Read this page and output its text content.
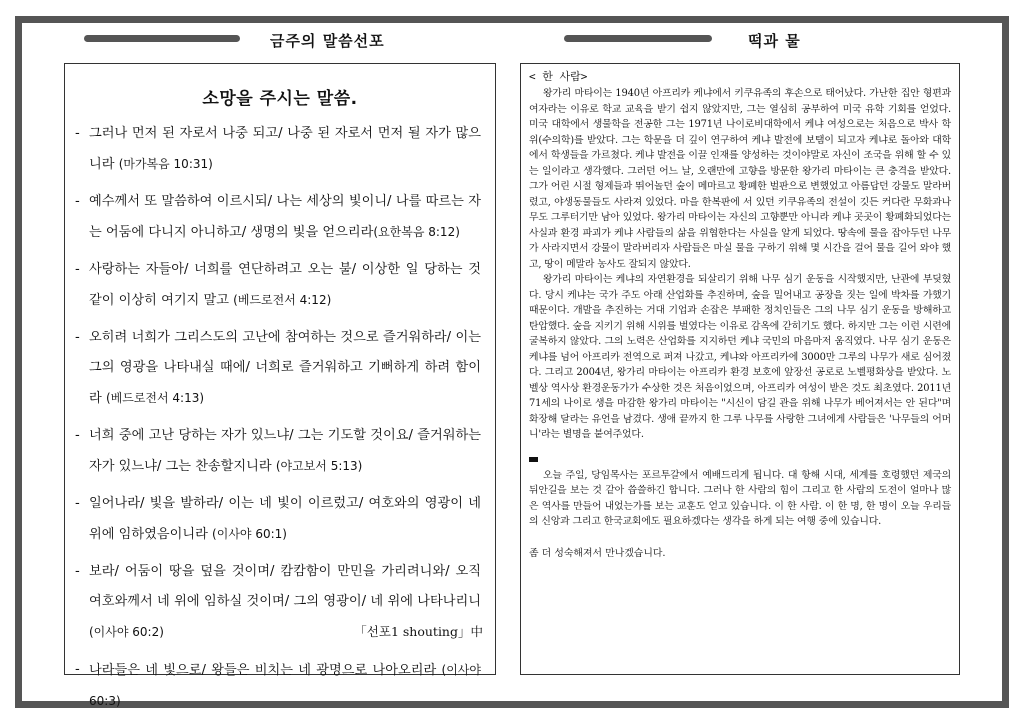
금주의 말씀선포	떡과 물
소망을 주시는 말씀.
- 그러나 먼저 된 자로서 나중 되고/ 나중 된 자로서 먼저 될 자가 많으니라 (마가복음 10:31)
- 예수께서 또 말씀하여 이르시되/ 나는 세상의 빛이니/ 나를 따르는 자는 어둠에 다니지 아니하고/ 생명의 빛을 얻으리라(요한복음 8:12)
- 사랑하는 자들아/ 너희를 연단하려고 오는 불/ 이상한 일 당하는 것 같이 이상히 여기지 말고 (베드로전서 4:12)
- 오히려 너희가 그리스도의 고난에 참여하는 것으로 즐거워하라/ 이는 그의 영광을 나타내실 때에/ 너희로 즐거워하고 기뻐하게 하려 함이라 (베드로전서 4:13)
- 너희 중에 고난 당하는 자가 있느냐/ 그는 기도할 것이요/ 즐거워하는 자가 있느냐/ 그는 찬송할지니라 (야고보서 5:13)
- 일어나라/ 빛을 발하라/ 이는 네 빛이 이르렀고/ 여호와의 영광이 네 위에 임하였음이니라 (이사야 60:1)
- 보라/ 어둠이 땅을 덮을 것이며/ 캄캄함이 만민을 가리려니와/ 오직 여호와께서 네 위에 임하실 것이며/ 그의 영광이/ 네 위에 나타나리니 (이사야 60:2)
- 나라들은 네 빛으로/ 왕들은 비치는 네 광명으로 나아오리라 (이사야 60:3)
「선포1 shouting」中
< 한 사람>

왕가리 마타이는 1940년 아프리카 케냐에서 키쿠유족의 후손으로 태어났다. 가난한 집안 형편과 여자라는 이유로 학교 교육을 받기 쉽지 않았지만, 그는 열심히 공부하여 미국 유학 기회를 얻었다. 미국 대학에서 생물학을 전공한 그는 1971년 나이로비대학에서 케냐 여성으로는 처음으로 박사 학위(수의학)를 받았다. 그는 학문을 더 깊이 연구하여 케냐 발전에 보탬이 되고자 케냐로 돌아와 대학에서 학생들을 가르쳤다. 케냐 발전을 이끌 인재를 양성하는 것이야말로 자신이 조국을 위해 할 수 있는 일이라고 생각했다. 그러던 어느 날, 오랜만에 고향을 방문한 왕가리 마타이는 큰 충격을 받았다. 그가 어린 시절 형제들과 뛰어놀던 숲이 메마르고 황폐한 벌판으로 변했었고 아름답던 강물도 말라버렸고, 야생동물들도 사라져 있었다. 마을 한복판에 서 있던 키쿠유족의 전설이 깃든 커다란 무화과나무도 그루터기만 남아 있었다. 왕가리 마타이는 자신의 고향뿐만 아니라 케냐 곳곳이 황폐화되었다는 사실과 환경 파괴가 케냐 사람들의 삶을 위협한다는 사실을 알게 되었다. 땅속에 물을 잡아두던 나무가 사라지면서 강물이 말라버리자 사람들은 마실 물을 구하기 위해 몇 시간을 걸어 물을 길어 와야 했고, 땅이 메말라 농사도 잘되지 않았다.

왕가리 마타이는 케냐의 자연환경을 되살리기 위해 나무 심기 운동을 시작했지만, 난관에 부딪혔다. 당시 케냐는 국가 주도 아래 산업화를 추진하며, 숲을 밀어내고 공장을 짓는 일에 박차를 가했기 때문이다. 개발을 추진하는 거대 기업과 손잡은 부패한 정치인들은 그의 나무 심기 운동을 방해하고 탄압했다. 숲을 지키기 위해 시위를 벌였다는 이유로 감옥에 갇히기도 했다. 하지만 그는 이런 시련에 굴복하지 않았다. 그의 노력은 산업화를 지지하던 케냐 국민의 마음마저 움직였다. 나무 심기 운동은 케냐를 넘어 아프리카 전역으로 퍼져 나갔고, 케냐와 아프리카에 3000만 그루의 나무가 새로 심어졌다. 그리고 2004년, 왕가리 마타이는 아프리카 환경 보호에 앞장선 공로로 노벨평화상을 받았다. 노벨상 역사상 환경운동가가 수상한 것은 처음이었으며, 아프리카 여성이 받은 것도 최초였다. 2011년 71세의 나이로 생을 마감한 왕가리 마타이는 "시신이 담길 관을 위해 나무가 베어져서는 안 된다"며 화장해 달라는 유언을 남겼다. 생애 끝까지 한 그루 나무를 사랑한 그녀에게 사람들은 '나무들의 어머니'라는 별명을 붙여주었다.

오늘 주일, 당임목사는 포르투갈에서 예배드리게 됩니다. 대 항해 시대, 세계를 호령했던 제국의 뒤안길을 보는 것 같아 씁쓸하긴 합니다. 그러나 한 사람의 힘이 그리고 한 사람의 도전이 얼마나 많은 역사를 만들어 내었는가를 보는 교훈도 얻고 있습니다. 이 한 사람. 이 한 명, 한 명이 오늘 우리들의 신앙과 그리고 한국교회에도 필요하겠다는 생각을 하게 되는 여행 중에 있습니다.

좀 더 성숙해져서 만나겠습니다.
